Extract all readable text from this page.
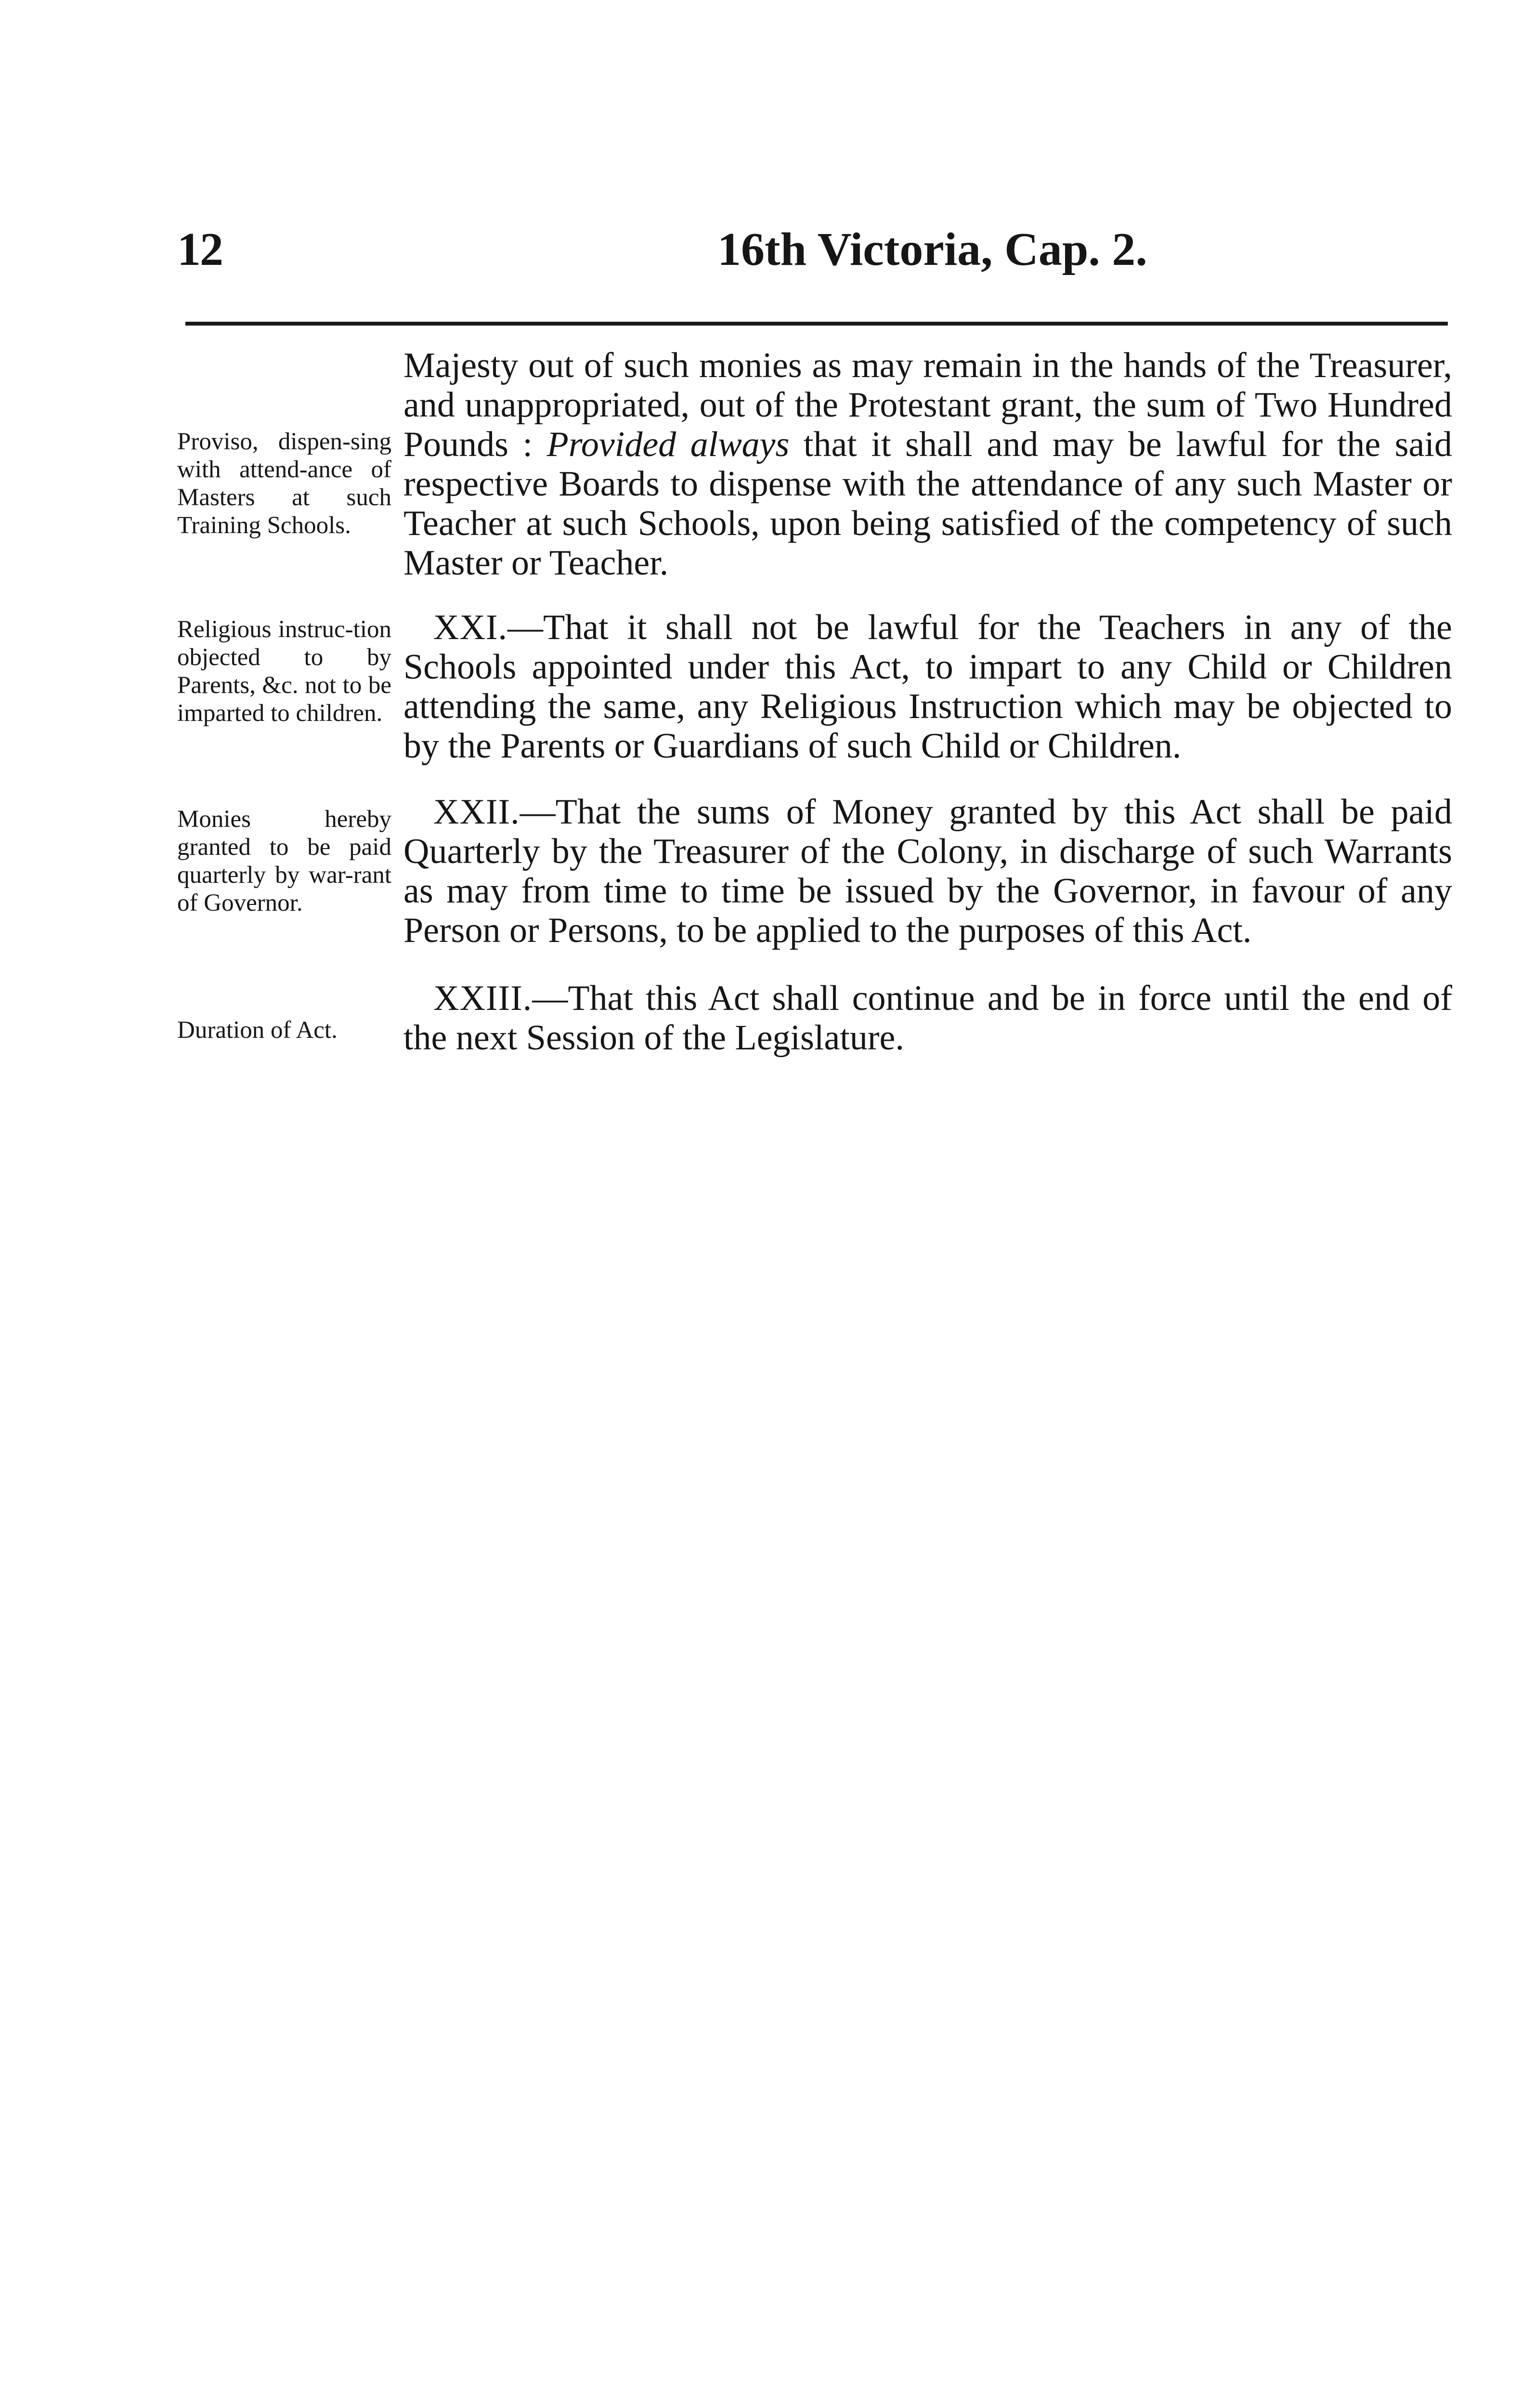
12	16th Victoria, Cap. 2.
Proviso, dispen-sing with attend-ance of Masters at such Training Schools.
Religious instruc-tion objected to by Parents, &c. not to be imparted to children.
Monies hereby granted to be paid quarterly by war-rant of Governor.
Duration of Act.

Majesty out of such monies as may remain in the hands of the Treasurer, and unappropriated, out of the Protestant grant, the sum of Two Hundred Pounds : Provided always that it shall and may be lawful for the said respective Boards to dispense with the attendance of any such Master or Teacher at such Schools, upon being satisfied of the competency of such Master or Teacher.

XXI.—That it shall not be lawful for the Teachers in any of the Schools appointed under this Act, to impart to any Child or Children attending the same, any Religious Instruction which may be objected to by the Parents or Guardians of such Child or Children.

XXII.—That the sums of Money granted by this Act shall be paid Quarterly by the Treasurer of the Colony, in discharge of such Warrants as may from time to time be issued by the Governor, in favour of any Person or Persons, to be applied to the purposes of this Act.

XXIII.—That this Act shall continue and be in force until the end of the next Session of the Legislature.
